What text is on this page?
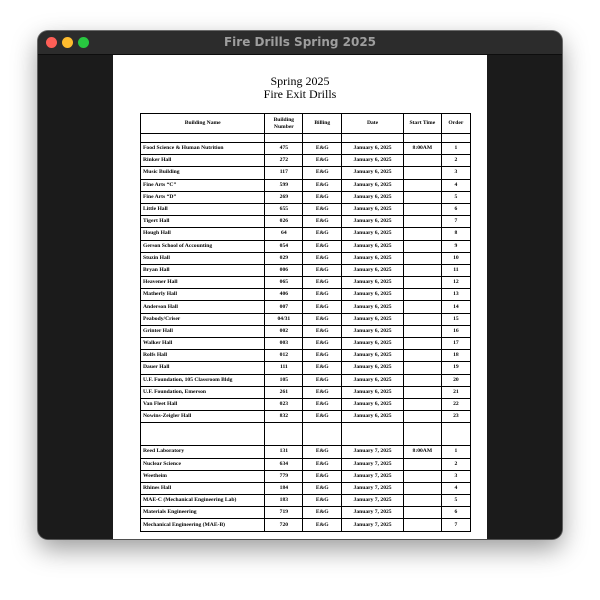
Fire Drills Spring 2025
Spring 2025
Fire Exit Drills
Building Name	Building Number	Billing	Date	Start Time	Order

Food Science & Human Nutrition	475	E&G	January 6, 2025	8:00AM	1
Rinker Hall	272	E&G	January 6, 2025		2
Music Building	117	E&G	January 6, 2025		3
Fine Arts “C”	599	E&G	January 6, 2025		4
Fine Arts “D”	269	E&G	January 6, 2025		5
Little Hall	655	E&G	January 6, 2025		6
Tigert Hall	026	E&G	January 6, 2025		7
Hough Hall	64	E&G	January 6, 2025		8
Gerson School of Accounting	054	E&G	January 6, 2025		9
Stuzin Hall	029	E&G	January 6, 2025		10
Bryan Hall	006	E&G	January 6, 2025		11
Heavener Hall	065	E&G	January 6, 2025		12
Matherly Hall	406	E&G	January 6, 2025		13
Anderson Hall	007	E&G	January 6, 2025		14
Peabody/Criser	04/31	E&G	January 6, 2025		15
Grinter Hall	002	E&G	January 6, 2025		16
Walker Hall	003	E&G	January 6, 2025		17
Rolfs Hall	012	E&G	January 6, 2025		18
Dauer Hall	111	E&G	January 6, 2025		19
U.F. Foundation, 105 Classroom Bldg	105	E&G	January 6, 2025		20
U.F. Foundation, Emerson	261	E&G	January 6, 2025		21
Van Fleet Hall	023	E&G	January 6, 2025		22
Nowins-Zeigler Hall	832	E&G	January 6, 2025		23

Reed Laboratory	131	E&G	January 7, 2025	8:00AM	1
Nuclear Science	634	E&G	January 7, 2025		2
Weetheim	779	E&G	January 7, 2025		3
Rhines Hall	184	E&G	January 7, 2025		4
MAE-C (Mechanical Engineering Lab)	183	E&G	January 7, 2025		5
Materials Engineering	719	E&G	January 7, 2025		6
Mechanical Engineering (MAE-B)	720	E&G	January 7, 2025		7
